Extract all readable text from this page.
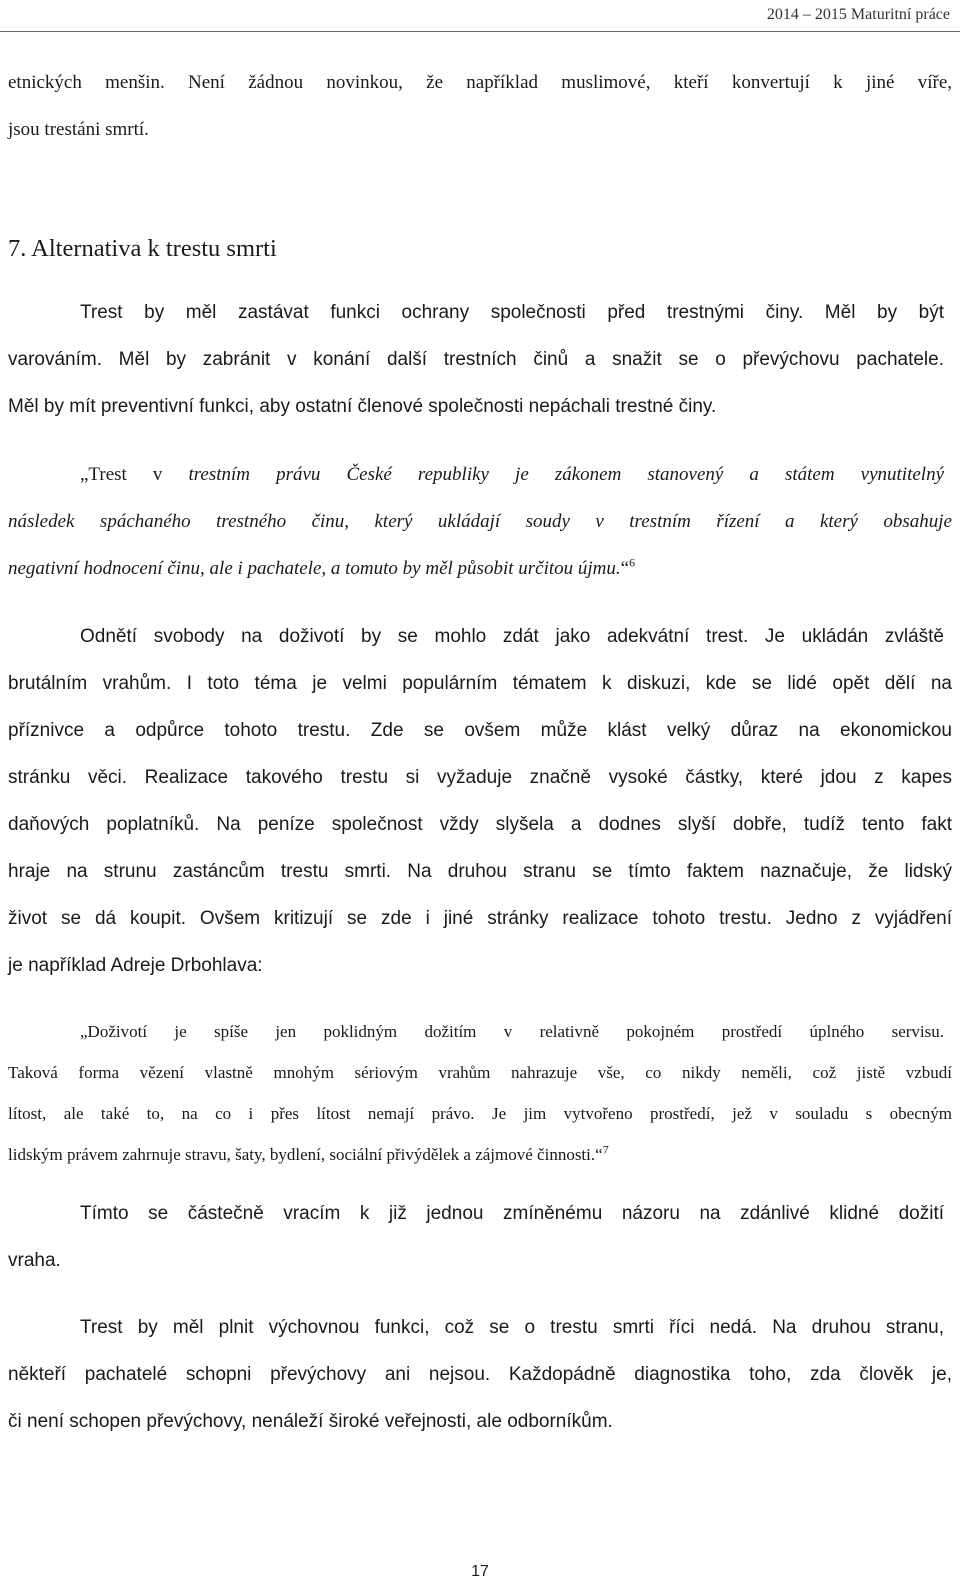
2014 – 2015 Maturitní práce
etnických menšin. Není žádnou novinkou, že například muslimové, kteří konvertují k jiné víře,
jsou trestáni smrtí.
7. Alternativa k trestu smrti
Trest by měl zastávat funkci ochrany společnosti před trestnými činy. Měl by být
varováním. Měl by zabránit v konání další trestních činů a snažit se o převýchovu pachatele.
Měl by mít preventivní funkci, aby ostatní členové společnosti nepáchali trestné činy.
„Trest v trestním právu České republiky je zákonem stanovený a státem vynutitelný
následek spáchaného trestného činu, který ukládají soudy v trestním řízení a který obsahuje
negativní hodnocení činu, ale i pachatele, a tomuto by měl působit určitou újmu.“$^6$
Odnětí svobody na doživotí by se mohlo zdát jako adekvátní trest. Je ukládán zvláště
brutálním vrahům. I toto téma je velmi populárním tématem k diskuzi, kde se lidé opět dělí na
příznivce a odpůrce tohoto trestu. Zde se ovšem může klást velký důraz na ekonomickou
stránku věci. Realizace takového trestu si vyžaduje značně vysoké částky, které jdou z kapes
daňových poplatníků. Na peníze společnost vždy slyšela a dodnes slyší dobře, tudíž tento fakt
hraje na strunu zastáncům trestu smrti. Na druhou stranu se tímto faktem naznačuje, že lidský
život se dá koupit. Ovšem kritizují se zde i jiné stránky realizace tohoto trestu. Jedno z vyjádření
je například Adreje Drbohlava:
„Doživotí je spíše jen poklidným dožitím v relativně pokojném prostředí úplného servisu.
Taková forma vězení vlastně mnohým sériovým vrahům nahrazuje vše, co nikdy neměli, což jistě vzbudí
lítost, ale také to, na co i přes lítost nemají právo. Je jim vytvořeno prostředí, jež v souladu s obecným
lidským právem zahrnuje stravu, šaty, bydlení, sociální přivýdělek a zájmové činnosti.“$^7$
Tímto se částečně vracím k již jednou zmíněnému názoru na zdánlivé klidné dožití
vraha.
Trest by měl plnit výchovnou funkci, což se o trestu smrti říci nedá. Na druhou stranu,
někteří pachatelé schopni převýchovy ani nejsou. Každopádně diagnostika toho, zda člověk je,
či není schopen převýchovy, nenáleží široké veřejnosti, ale odborníkům.
17
